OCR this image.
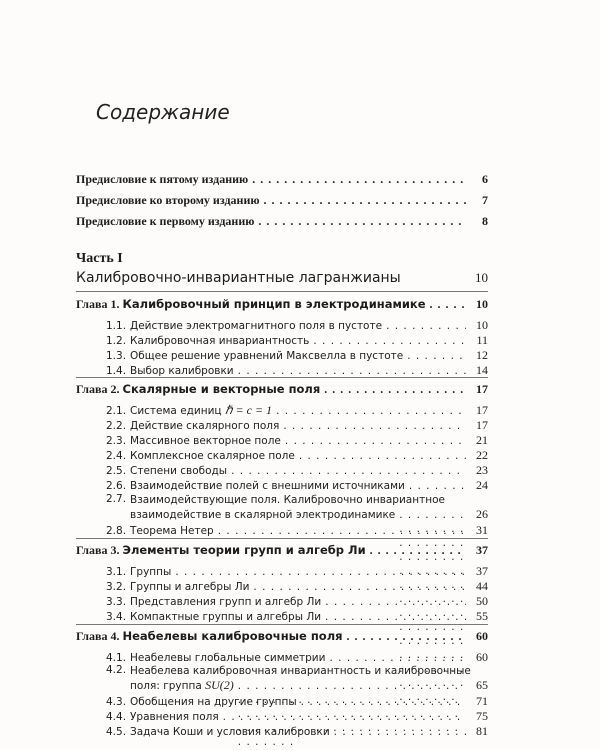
Содержание
Предисловие к пятому изданию . . .	6
Предисловие ко второму изданию . . .	7
Предисловие к первому изданию . . .	8
Часть I
Калибровочно-инвариантные лагранжианы	10
Глава 1.
Калибровочный принцип в электродинамике . . .	10
1.1. Действие электромагнитного поля в пустоте . . .	10
1.2. Калибровочная инвариантность . . .	11
1.3. Общее решение уравнений Максвелла в пустоте . . .	12
1.4. Выбор калибровки . . .	14
Глава 2.
Скалярные и векторные поля . . .	17
2.1. Система единиц
ℏ = c = 1 . . .	17
2.2. Действие скалярного поля . . .	17
2.3. Массивное векторное поле . . .	21
2.4. Комплексное скалярное поле . . .	22
2.5. Степени свободы . . .	23
2.6. Взаимодействие полей с внешними источниками . . .	24
2.7. Взаимодействующие поля. Калибровочно инвариантное
взаимодействие в скалярной электродинамике . . .	26
2.8. Теорема Нетер . . .	31
Глава 3.
Элементы теории групп и алгебр Ли . . .	37
3.1. Группы . . .	37
3.2. Группы и алгебры Ли . . .	44
3.3. Представления групп и алгебр Ли . . .	50
3.4. Компактные группы и алгебры Ли . . .	55
Глава 4.
Неабелевы калибровочные поля . . .	60
4.1. Неабелевы глобальные симметрии . . .	60
4.2. Неабелева калибровочная инвариантность и калибровочные
поля: группа
SU(2) . . .	65
4.3. Обобщения на другие группы . . .	71
4.4. Уравнения поля . . .	75
4.5. Задача Коши и условия калибровки . . .	81
